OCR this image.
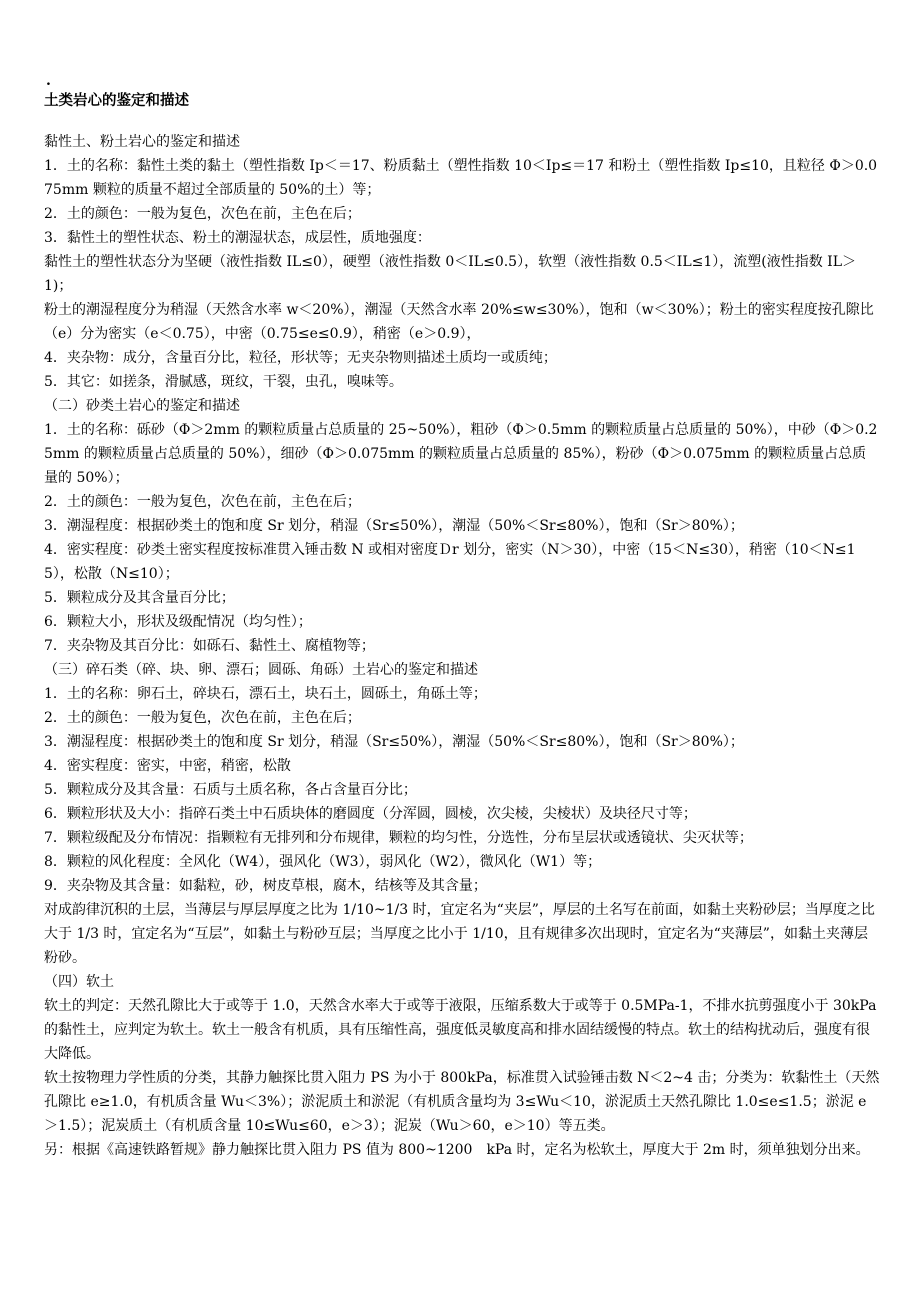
.
土类岩心的鉴定和描述

黏性土、粉土岩心的鉴定和描述

1．土的名称：黏性土类的黏土（塑性指数 Ip＜＝17、粉质黏土（塑性指数 10＜Ip≤＝17 和粉土（塑性指数 Ip≤10，且粒径 Φ＞0.075mm 颗粒的质量不超过全部质量的 50%的土）等；

2．土的颜色：一般为复色，次色在前，主色在后；

3．黏性土的塑性状态、粉土的潮湿状态，成层性，质地强度：

黏性土的塑性状态分为坚硬（液性指数 IL≤0），硬塑（液性指数 0＜IL≤0.5），软塑（液性指数 0.5＜IL≤1），流塑(液性指数 IL＞1)；

粉土的潮湿程度分为稍湿（天然含水率 w＜20%），潮湿（天然含水率 20%≤w≤30%），饱和（w＜30%）；粉土的密实程度按孔隙比（e）分为密实（e＜0.75），中密（0.75≤e≤0.9），稍密（e＞0.9），

4．夹杂物：成分，含量百分比，粒径，形状等；无夹杂物则描述土质均一或质纯；

5．其它：如搓条，滑腻感，斑纹，干裂，虫孔，嗅味等。

（二）砂类土岩心的鉴定和描述

1．土的名称：砾砂（Φ＞2mm 的颗粒质量占总质量的 25~50%），粗砂（Φ＞0.5mm 的颗粒质量占总质量的 50%），中砂（Φ＞0.25mm 的颗粒质量占总质量的 50%），细砂（Φ＞0.075mm 的颗粒质量占总质量的 85%），粉砂（Φ＞0.075mm 的颗粒质量占总质量的 50%）；

2．土的颜色：一般为复色，次色在前，主色在后；

3．潮湿程度：根据砂类土的饱和度 Sr 划分，稍湿（Sr≤50%），潮湿（50%＜Sr≤80%），饱和（Sr＞80%）；

4．密实程度：砂类土密实程度按标准贯入锤击数 N 或相对密度Ｄr 划分，密实（N＞30），中密（15＜N≤30），稍密（10＜N≤15），松散（N≤10）；

5．颗粒成分及其含量百分比；

6．颗粒大小，形状及级配情况（均匀性）；

7．夹杂物及其百分比：如砾石、黏性土、腐植物等；

（三）碎石类（碎、块、卵、漂石；圆砾、角砾）土岩心的鉴定和描述

1．土的名称：卵石土，碎块石，漂石土，块石土，圆砾土，角砾土等；

2．土的颜色：一般为复色，次色在前，主色在后；

3．潮湿程度：根据砂类土的饱和度 Sr 划分，稍湿（Sr≤50%），潮湿（50%＜Sr≤80%），饱和（Sr＞80%）；

4．密实程度：密实，中密，稍密，松散

5．颗粒成分及其含量：石质与土质名称，各占含量百分比；

6．颗粒形状及大小：指碎石类土中石质块体的磨圆度（分浑圆，圆棱，次尖棱，尖棱状）及块径尺寸等；

7．颗粒级配及分布情况：指颗粒有无排列和分布规律，颗粒的均匀性，分选性，分布呈层状或透镜状、尖灭状等；

8．颗粒的风化程度：全风化（W4），强风化（W3），弱风化（W2），微风化（W1）等；

9．夹杂物及其含量：如黏粒，砂，树皮草根，腐木，结核等及其含量；

对成韵律沉积的土层，当薄层与厚层厚度之比为 1/10~1/3 时，宜定名为“夹层”，厚层的土名写在前面，如黏土夹粉砂层；当厚度之比大于 1/3 时，宜定名为“互层”，如黏土与粉砂互层；当厚度之比小于 1/10，且有规律多次出现时，宜定名为“夹薄层”，如黏土夹薄层粉砂。

（四）软土

软土的判定：天然孔隙比大于或等于 1.0，天然含水率大于或等于液限，压缩系数大于或等于 0.5MPa-1，不排水抗剪强度小于 30kPa 的黏性土，应判定为软土。软土一般含有机质，具有压缩性高，强度低灵敏度高和排水固结缓慢的特点。软土的结构扰动后，强度有很大降低。

软土按物理力学性质的分类，其静力触探比贯入阻力 PS 为小于 800kPa，标准贯入试验锤击数 N＜2~4 击；分类为：软黏性土（天然孔隙比 e≥1.0，有机质含量 Wu＜3%）；淤泥质土和淤泥（有机质含量均为 3≤Wu＜10，淤泥质土天然孔隙比 1.0≤e≤1.5；淤泥 e＞1.5）；泥炭质土（有机质含量 10≤Wu≤60，e＞3）；泥炭（Wu＞60，e＞10）等五类。

另：根据《高速铁路暂规》静力触探比贯入阻力 PS 值为 800~1200　kPa 时，定名为松软土，厚度大于 2m 时，须单独划分出来。
